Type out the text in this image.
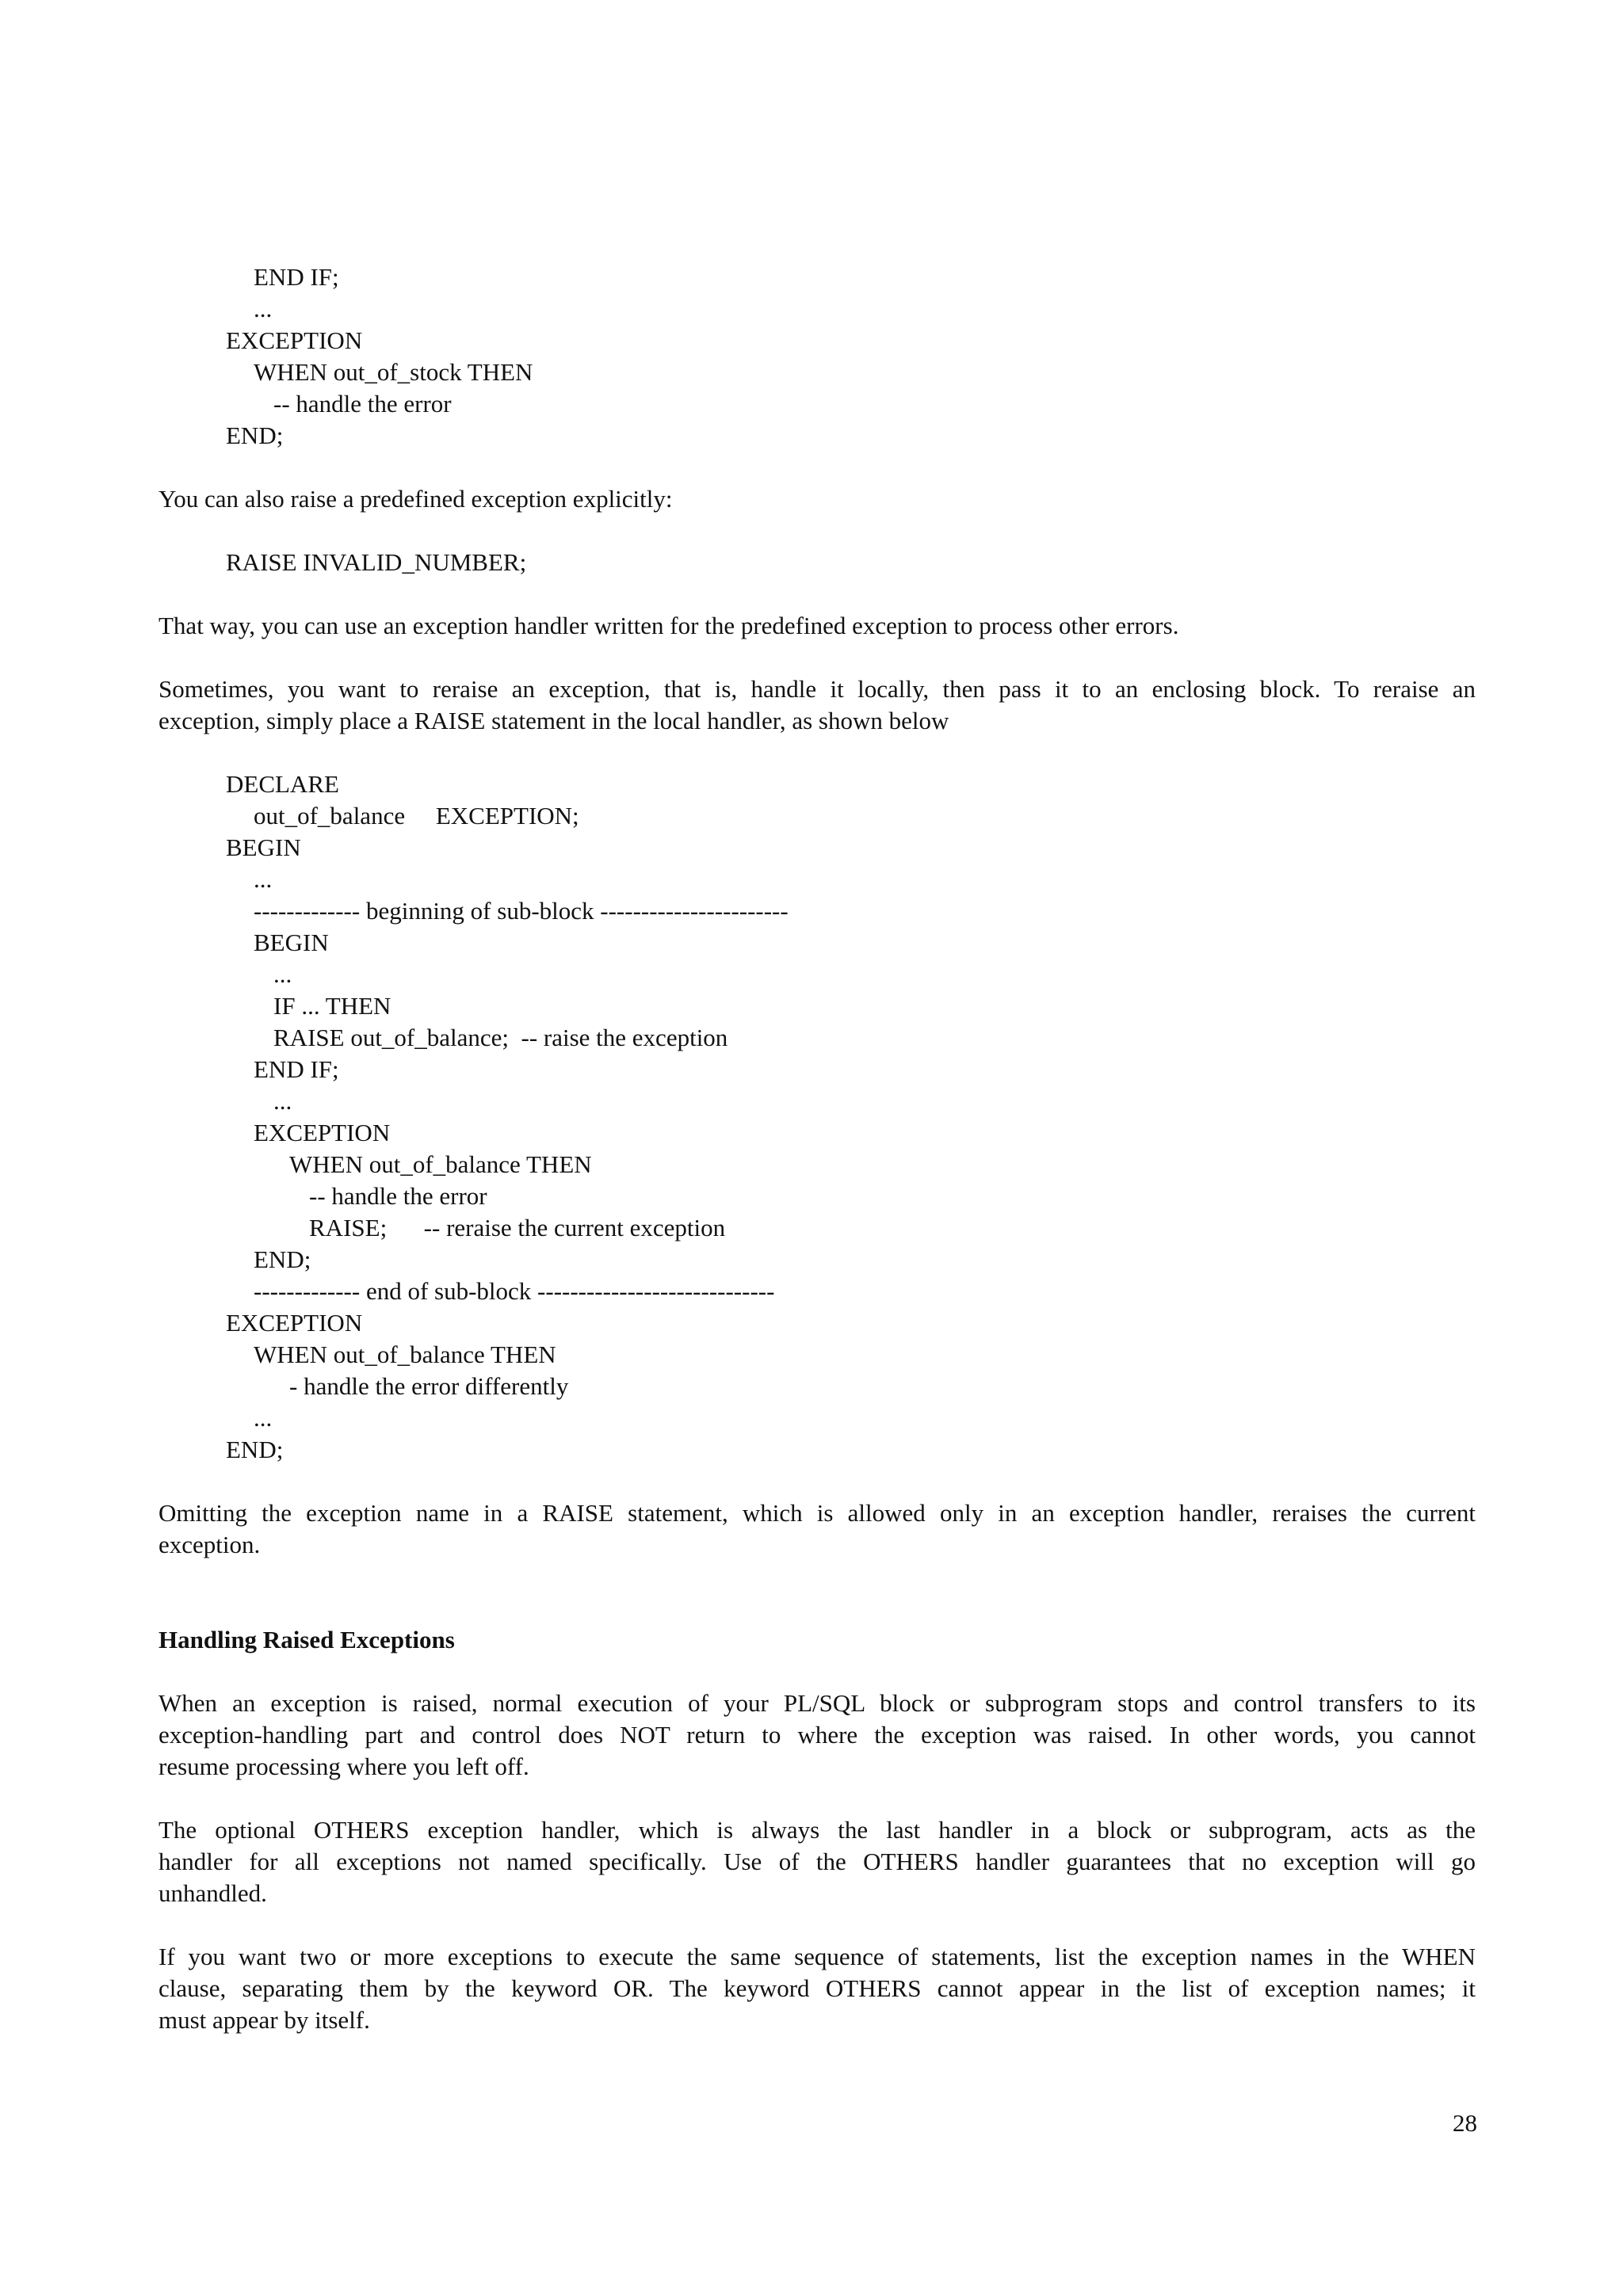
END IF;
...
EXCEPTION
WHEN out_of_stock THEN
-- handle the error
END;
You can also raise a predefined exception explicitly:
RAISE INVALID_NUMBER;
That way, you can use an exception handler written for the predefined exception to process other errors.
Sometimes, you want to reraise an exception, that is, handle it locally, then pass it to an enclosing block. To reraise an
exception, simply place a RAISE statement in the local handler, as shown below
DECLARE
out_of_balance     EXCEPTION;
BEGIN
...
------------- beginning of sub-block -----------------------
BEGIN
...
IF ... THEN
RAISE out_of_balance;  -- raise the exception
END IF;
...
EXCEPTION
WHEN out_of_balance THEN
-- handle the error
RAISE;      -- reraise the current exception
END;
------------- end of sub-block -----------------------------
EXCEPTION
WHEN out_of_balance THEN
- handle the error differently
...
END;
Omitting the exception name in a RAISE statement, which is allowed only in an exception handler, reraises the current
exception.
Handling Raised Exceptions
When an exception is raised, normal execution of your PL/SQL block or subprogram stops and control transfers to its
exception-handling part and control does NOT return to where the exception was raised. In other words, you cannot
resume processing where you left off.
The optional OTHERS exception handler, which is always the last handler in a block or subprogram, acts as the
handler for all exceptions not named specifically. Use of the OTHERS handler guarantees that no exception will go
unhandled.
If you want two or more exceptions to execute the same sequence of statements, list the exception names in the WHEN
clause, separating them by the keyword OR. The keyword OTHERS cannot appear in the list of exception names; it
must appear by itself.
28
